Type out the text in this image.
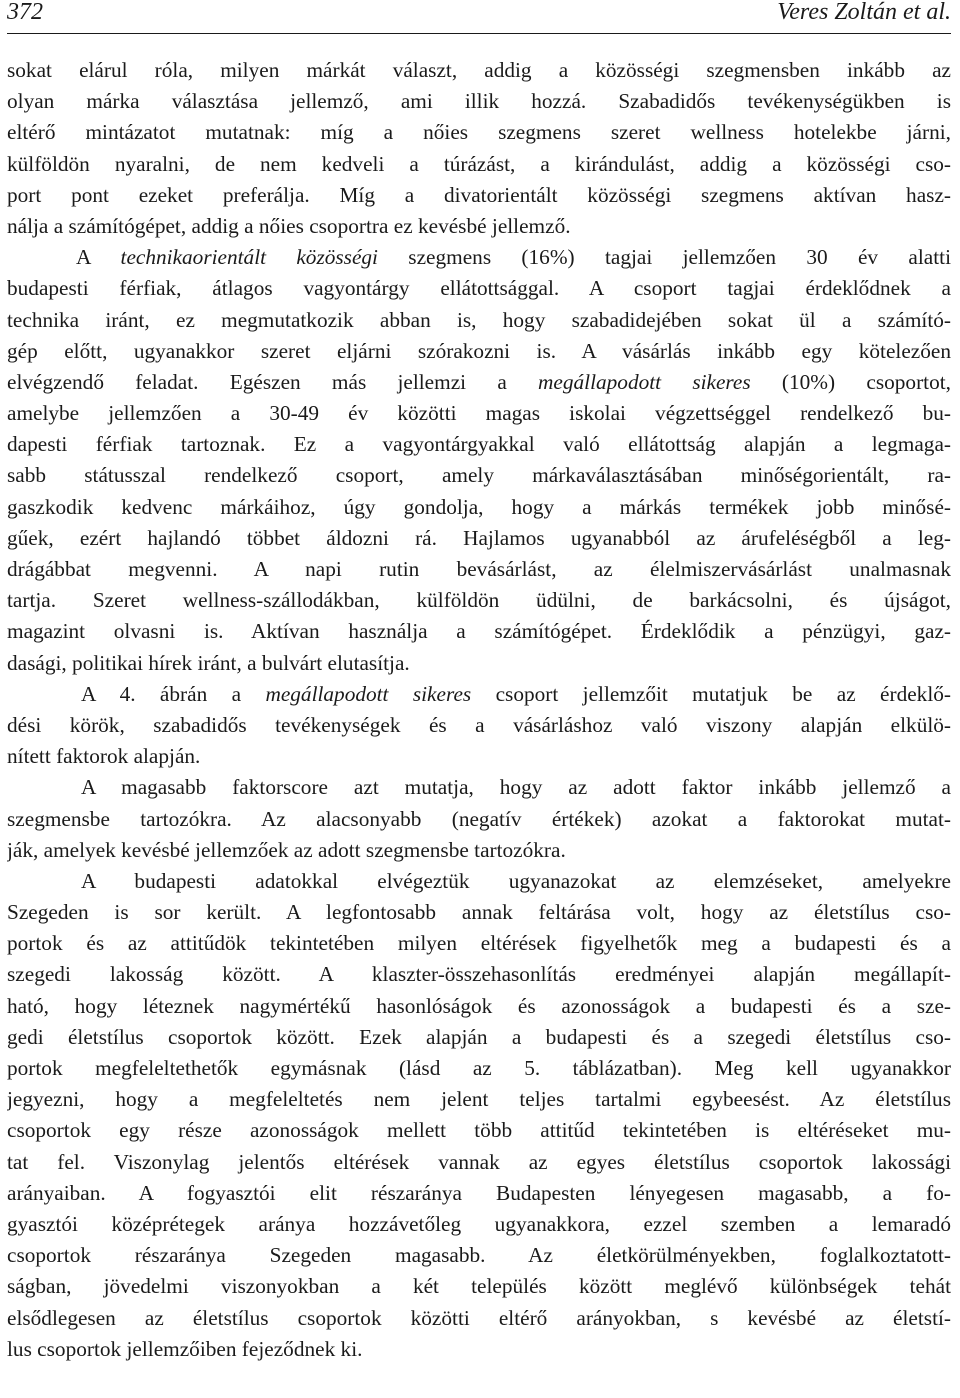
372	Veres Zoltán et al.
sokat elárul róla, milyen márkát választ, addig a közösségi szegmensben inkább az
olyan márka választása jellemző, ami illik hozzá. Szabadidős tevékenységükben is
eltérő mintázatot mutatnak: míg a nőies szegmens szeret wellness hotelekbe járni,
külföldön nyaralni, de nem kedveli a túrázást, a kirándulást, addig a közösségi cso-
port pont ezeket preferálja. Míg a divatorientált közösségi szegmens aktívan hasz-
nálja a számítógépet, addig a nőies csoportra ez kevésbé jellemző.
A technikaorientált közösségi szegmens (16%) tagjai jellemzően 30 év alatti
budapesti férfiak, átlagos vagyontárgy ellátottsággal. A csoport tagjai érdeklődnek a
technika iránt, ez megmutatkozik abban is, hogy szabadidejében sokat ül a számító-
gép előtt, ugyanakkor szeret eljárni szórakozni is. A vásárlás inkább egy kötelezően
elvégzendő feladat. Egészen más jellemzi a megállapodott sikeres (10%) csoportot,
amelybe jellemzően a 30-49 év közötti magas iskolai végzettséggel rendelkező bu-
dapesti férfiak tartoznak. Ez a vagyontárgyakkal való ellátottság alapján a legmaga-
sabb státusszal rendelkező csoport, amely márkaválasztásában minőségorientált, ra-
gaszkodik kedvenc márkáihoz, úgy gondolja, hogy a márkás termékek jobb minősé-
gűek, ezért hajlandó többet áldozni rá. Hajlamos ugyanabból az árufeléségből a leg-
drágábbat megvenni. A napi rutin bevásárlást, az élelmiszervásárlást unalmasnak
tartja. Szeret wellness-szállodákban, külföldön üdülni, de barkácsolni, és újságot,
magazint olvasni is. Aktívan használja a számítógépet. Érdeklődik a pénzügyi, gaz-
dasági, politikai hírek iránt, a bulvárt elutasítja.
A 4. ábrán a megállapodott sikeres csoport jellemzőit mutatjuk be az érdeklő-
dési körök, szabadidős tevékenységek és a vásárláshoz való viszony alapján elkülö-
nített faktorok alapján.
A magasabb faktorscore azt mutatja, hogy az adott faktor inkább jellemző a
szegmensbe tartozókra. Az alacsonyabb (negatív értékek) azokat a faktorokat mutat-
ják, amelyek kevésbé jellemzőek az adott szegmensbe tartozókra.
A budapesti adatokkal elvégeztük ugyanazokat az elemzéseket, amelyekre
Szegeden is sor került. A legfontosabb annak feltárása volt, hogy az életstílus cso-
portok és az attitűdök tekintetében milyen eltérések figyelhetők meg a budapesti és a
szegedi lakosság között. A klaszter-összehasonlítás eredményei alapján megállapít-
ható, hogy léteznek nagymértékű hasonlóságok és azonosságok a budapesti és a sze-
gedi életstílus csoportok között. Ezek alapján a budapesti és a szegedi életstílus cso-
portok megfeleltethetők egymásnak (lásd az 5. táblázatban). Meg kell ugyanakkor
jegyezni, hogy a megfeleltetés nem jelent teljes tartalmi egybeesést. Az életstílus
csoportok egy része azonosságok mellett több attitűd tekintetében is eltéréseket mu-
tat fel. Viszonylag jelentős eltérések vannak az egyes életstílus csoportok lakossági
arányaiban. A fogyasztói elit részaránya Budapesten lényegesen magasabb, a fo-
gyasztói középrétegek aránya hozzávetőleg ugyanakkora, ezzel szemben a lemaradó
csoportok részaránya Szegeden magasabb. Az életkörülményekben, foglalkoztatott-
ságban, jövedelmi viszonyokban a két település között meglévő különbségek tehát
elsődlegesen az életstílus csoportok közötti eltérő arányokban, s kevésbé az életstí-
lus csoportok jellemzőiben fejeződnek ki.
